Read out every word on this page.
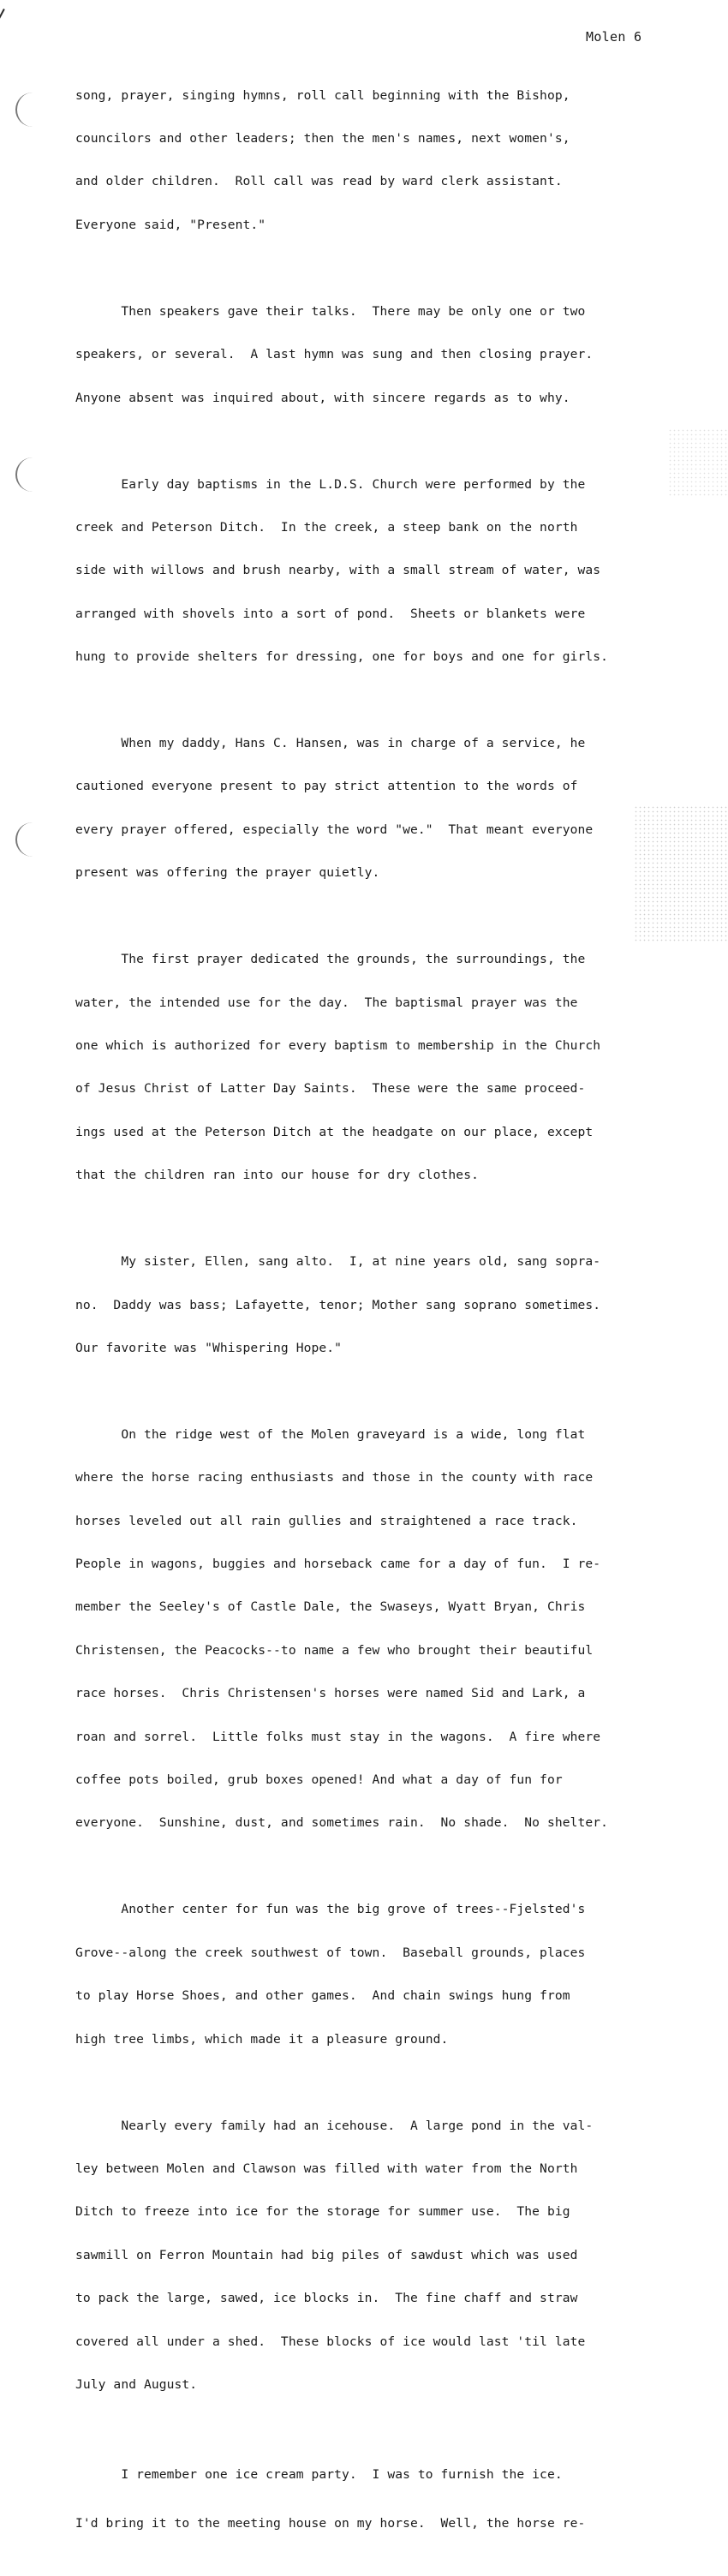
Molen 6

song, prayer, singing hymns, roll call beginning with the Bishop,

councilors and other leaders; then the men's names, next women's,

and older children.  Roll call was read by ward clerk assistant.

Everyone said, "Present."

Then speakers gave their talks.  There may be only one or two

speakers, or several.  A last hymn was sung and then closing prayer.

Anyone absent was inquired about, with sincere regards as to why.

Early day baptisms in the L.D.S. Church were performed by the

creek and Peterson Ditch.  In the creek, a steep bank on the north

side with willows and brush nearby, with a small stream of water, was

arranged with shovels into a sort of pond.  Sheets or blankets were

hung to provide shelters for dressing, one for boys and one for girls.

When my daddy, Hans C. Hansen, was in charge of a service, he

cautioned everyone present to pay strict attention to the words of

every prayer offered, especially the word "we."  That meant everyone

present was offering the prayer quietly.

The first prayer dedicated the grounds, the surroundings, the

water, the intended use for the day.  The baptismal prayer was the

one which is authorized for every baptism to membership in the Church

of Jesus Christ of Latter Day Saints.  These were the same proceed-

ings used at the Peterson Ditch at the headgate on our place, except

that the children ran into our house for dry clothes.

My sister, Ellen, sang alto.  I, at nine years old, sang sopra-

no.  Daddy was bass; Lafayette, tenor; Mother sang soprano sometimes.

Our favorite was "Whispering Hope."

On the ridge west of the Molen graveyard is a wide, long flat

where the horse racing enthusiasts and those in the county with race

horses leveled out all rain gullies and straightened a race track.

People in wagons, buggies and horseback came for a day of fun.  I re-

member the Seeley's of Castle Dale, the Swaseys, Wyatt Bryan, Chris

Christensen, the Peacocks--to name a few who brought their beautiful

race horses.  Chris Christensen's horses were named Sid and Lark, a

roan and sorrel.  Little folks must stay in the wagons.  A fire where

coffee pots boiled, grub boxes opened! And what a day of fun for

everyone.  Sunshine, dust, and sometimes rain.  No shade.  No shelter.

Another center for fun was the big grove of trees--Fjelsted's

Grove--along the creek southwest of town.  Baseball grounds, places

to play Horse Shoes, and other games.  And chain swings hung from

high tree limbs, which made it a pleasure ground.

Nearly every family had an icehouse.  A large pond in the val-

ley between Molen and Clawson was filled with water from the North

Ditch to freeze into ice for the storage for summer use.  The big

sawmill on Ferron Mountain had big piles of sawdust which was used

to pack the large, sawed, ice blocks in.  The fine chaff and straw

covered all under a shed.  These blocks of ice would last 'til late

July and August.

I remember one ice cream party.  I was to furnish the ice.

I'd bring it to the meeting house on my horse.  Well, the horse re-
